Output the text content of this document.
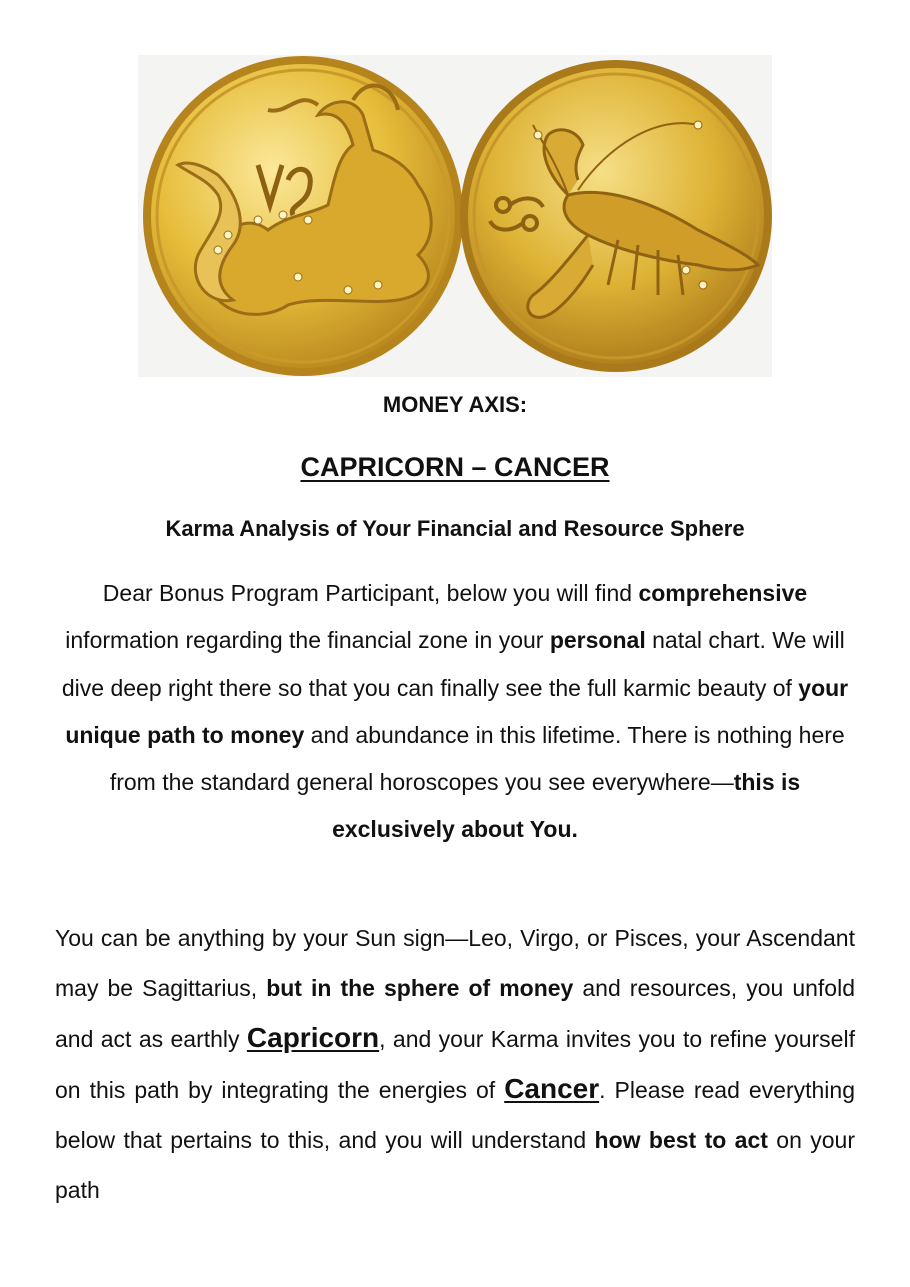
MONEY AXIS:
CAPRICORN – CANCER
Karma Analysis of Your Financial and Resource Sphere
Dear Bonus Program Participant, below you will find comprehensive information regarding the financial zone in your personal natal chart. We will dive deep right there so that you can finally see the full karmic beauty of your unique path to money and abundance in this lifetime. There is nothing here from the standard general horoscopes you see everywhere—this is exclusively about You.
You can be anything by your Sun sign—Leo, Virgo, or Pisces, your Ascendant may be Sagittarius, but in the sphere of money and resources, you unfold and act as earthly Capricorn, and your Karma invites you to refine yourself on this path by integrating the energies of Cancer. Please read everything below that pertains to this, and you will understand how best to act on your path
